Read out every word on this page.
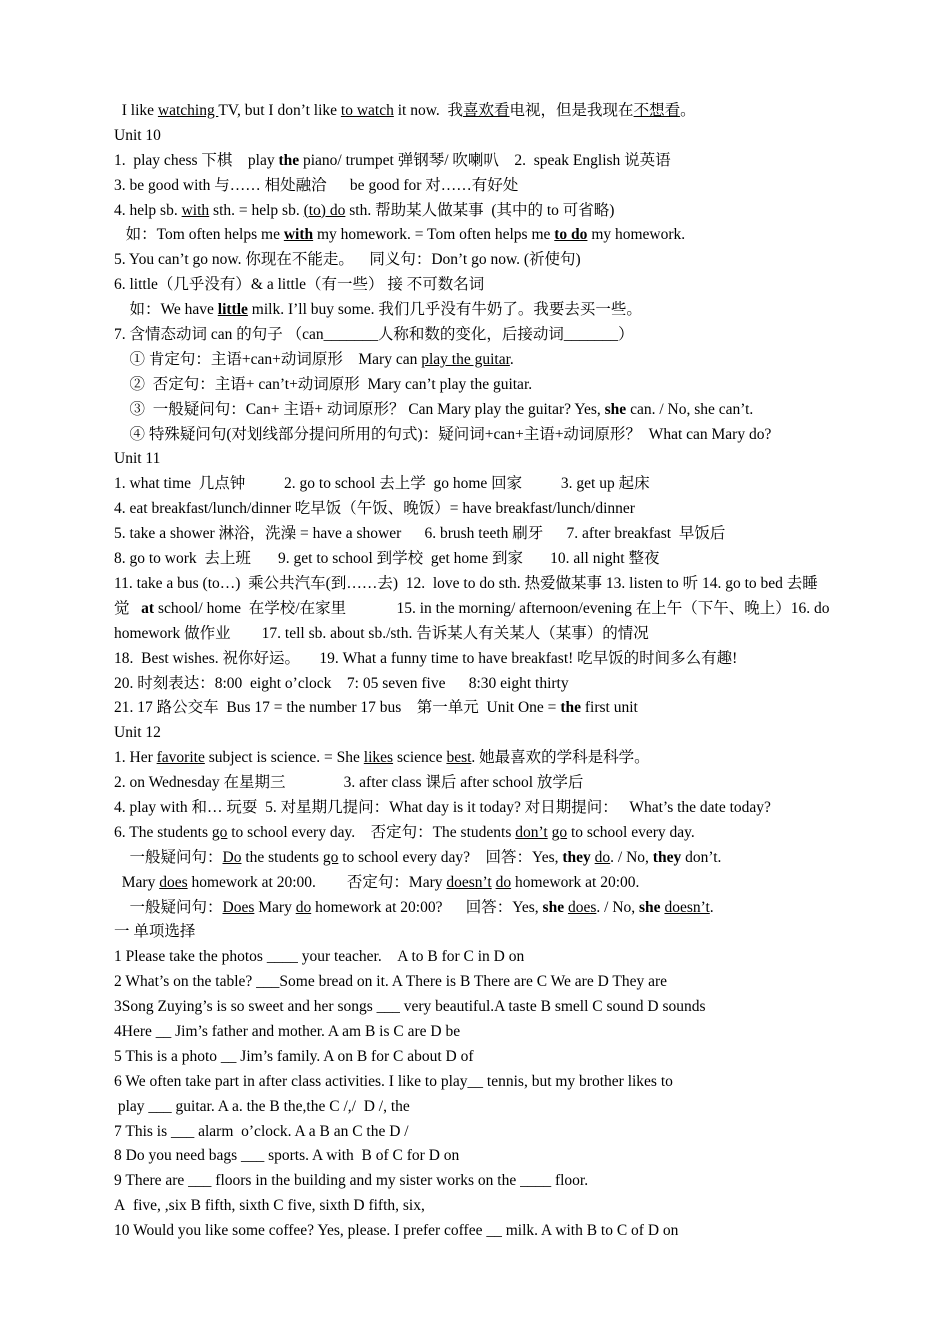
I like watching TV, but I don’t like to watch it now.  我喜欢看电视，但是我现在不想看。
Unit 10
1.  play chess 下棋    play the piano/ trumpet 弹钢琴/ 吹喇叭    2.  speak English 说英语
3. be good with 与…… 相处融洽      be good for 对……有好处
4. help sb. with sth. = help sb. (to) do sth. 帮助某人做某事  (其中的 to 可省略)
如：Tom often helps me with my homework. = Tom often helps me to do my homework.
5. You can’t go now. 你现在不能走。    同义句：Don’t go now. (祈使句)
6. little（几乎没有）& a little（有一些） 接 不可数名词
如：We have little milk. I’ll buy some. 我们几乎没有牛奶了。我要去买一些。
7. 含情态动词 can 的句子 （can_______人称和数的变化，后接动词_______）
① 肯定句：主语+can+动词原形    Mary can play the guitar.
②  否定句：主语+ can’t+动词原形  Mary can’t play the guitar.
③  一般疑问句：Can+ 主语+ 动词原形？ Can Mary play the guitar? Yes, she can. / No, she can’t.
④ 特殊疑问句(对划线部分提问所用的句式)：疑问词+can+主语+动词原形？  What can Mary do?
Unit 11
1. what time  几点钟          2. go to school 去上学  go home 回家          3. get up 起床
4. eat breakfast/lunch/dinner 吃早饭（午饭、晚饭）= have breakfast/lunch/dinner
5. take a shower 淋浴，洗澡 = have a shower      6. brush teeth 刷牙      7. after breakfast  早饭后
8. go to work  去上班       9. get to school 到学校  get home 到家       10. all night 整夜
11. take a bus (to…)  乘公共汽车(到……去)  12.  love to do sth. 热爱做某事 13. listen to 听 14. go to bed 去睡觉   at school/ home  在学校/在家里             15. in the morning/ afternoon/evening 在上午（下午、晚上）16. do homework 做作业        17. tell sb. about sb./sth. 告诉某人有关某人（某事）的情况
18.  Best wishes. 祝你好运。     19. What a funny time to have breakfast! 吃早饭的时间多么有趣!
20. 时刻表达：8:00  eight o’clock    7: 05 seven five      8:30 eight thirty
21. 17 路公交车  Bus 17 = the number 17 bus    第一单元  Unit One = the first unit
Unit 12
1. Her favorite subject is science. = She likes science best. 她最喜欢的学科是科学。
2. on Wednesday 在星期三               3. after class 课后 after school 放学后
4. play with 和… 玩耍  5. 对星期几提问：What day is it today? 对日期提问：   What’s the date today?
6. The students go to school every day.    否定句：The students don’t go to school every day.
一般疑问句：Do the students go to school every day?    回答：Yes, they do. / No, they don’t.
Mary does homework at 20:00.        否定句：Mary doesn’t do homework at 20:00.
一般疑问句：Does Mary do homework at 20:00?      回答：Yes, she does. / No, she doesn’t.
一 单项选择
1 Please take the photos ____ your teacher.    A to B for C in D on
2 What’s on the table? ___Some bread on it. A There is B There are C We are D They are
3Song Zuying’s is so sweet and her songs ___ very beautiful.A taste B smell C sound D sounds
4Here __ Jim’s father and mother. A am B is C are D be
5 This is a photo __ Jim’s family. A on B for C about D of
6 We often take part in after class activities. I like to play__ tennis, but my brother likes to
play ___ guitar. A a. the B the,the C /,/  D /, the
7 This is ___ alarm  o’clock. A a B an C the D /
8 Do you need bags ___ sports. A with  B of C for D on
9 There are ___ floors in the building and my sister works on the ____ floor.
A  five, ,six B fifth, sixth C five, sixth D fifth, six,
10 Would you like some coffee? Yes, please. I prefer coffee __ milk. A with B to C of D on
